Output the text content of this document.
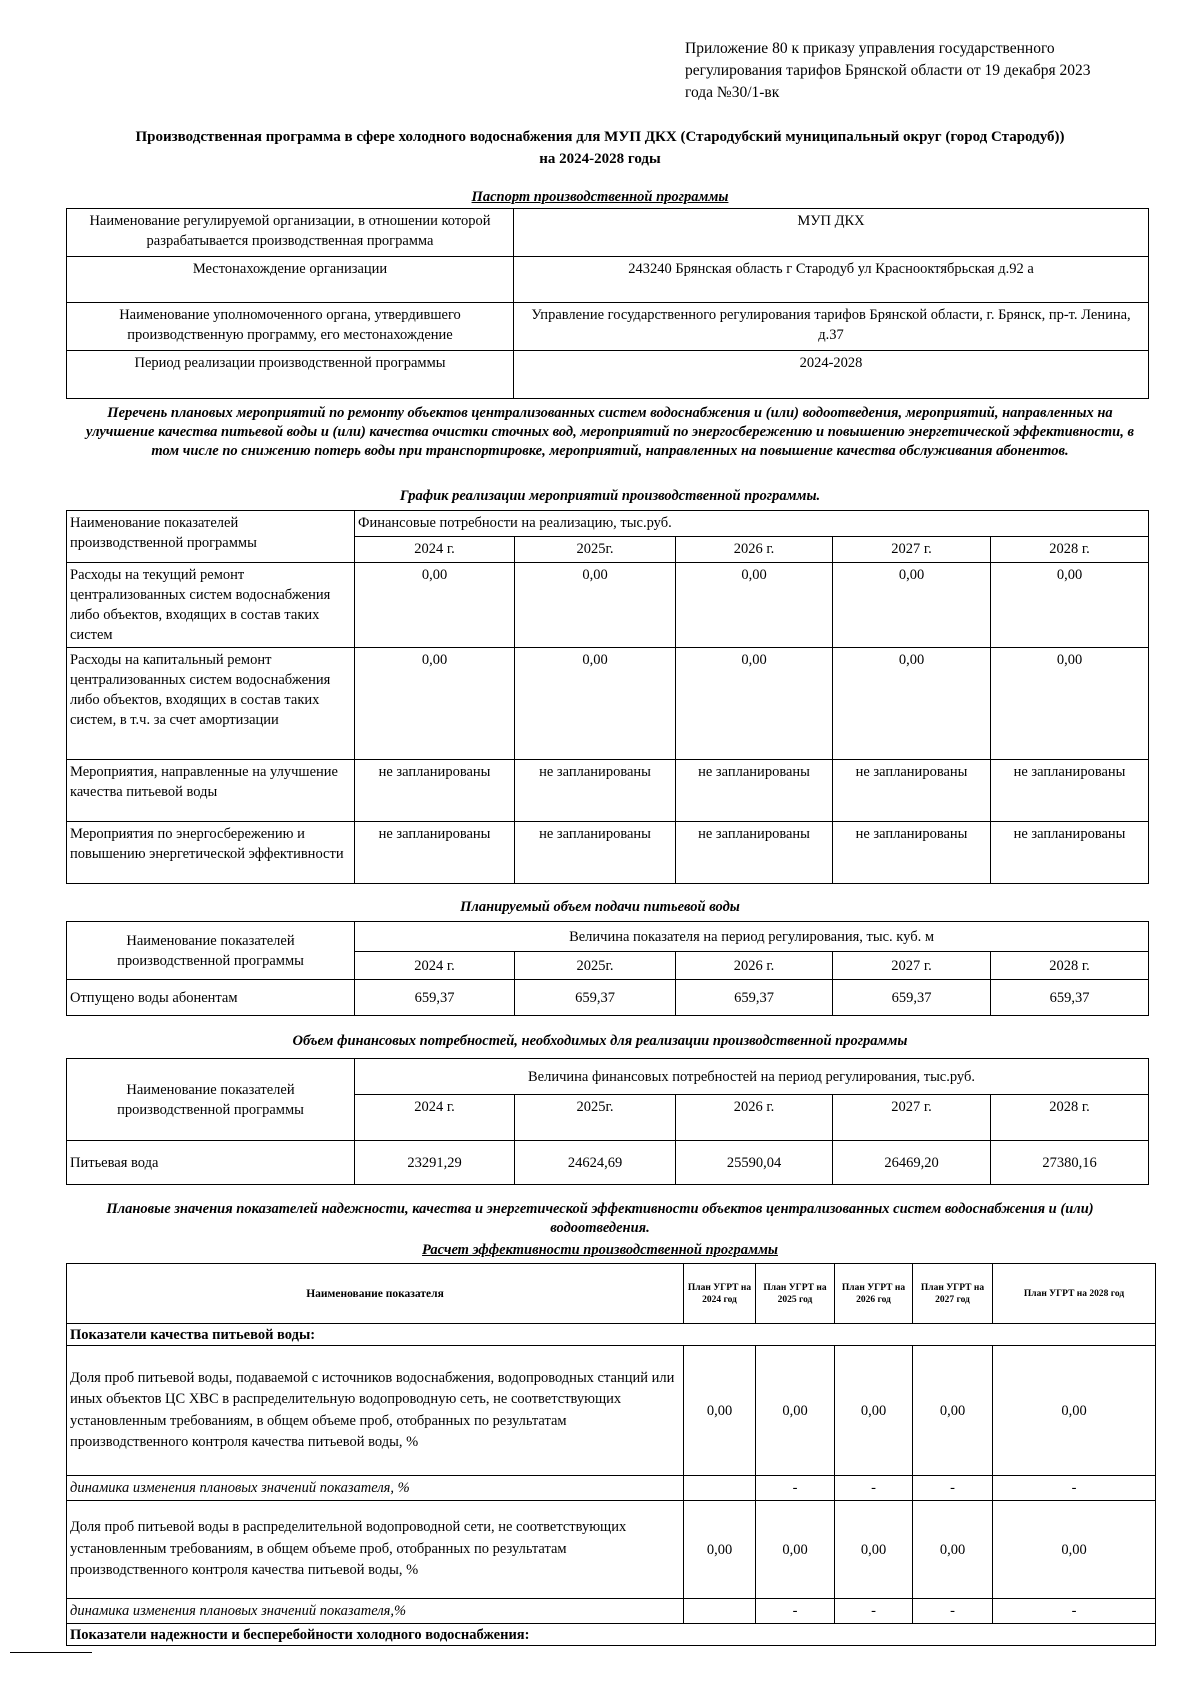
Приложение 80 к приказу управления государственного
регулирования тарифов Брянской области от 19 декабря 2023
года №30/1-вк
Производственная программа в сфере холодного водоснабжения для МУП ДКХ (Стародубский муниципальный округ (город Стародуб))
на 2024-2028 годы
Паспорт производственной программы
Наименование регулируемой организации, в отношении которой разрабатывается производственная программа	МУП ДКХ
Местонахождение организации	243240 Брянская область г Стародуб ул Краснооктябрьская д.92 а
Наименование уполномоченного органа, утвердившего производственную программу, его местонахождение	Управление государственного регулирования тарифов Брянской области, г. Брянск, пр-т. Ленина, д.37
Период реализации производственной программы	2024-2028
Перечень плановых мероприятий по ремонту объектов централизованных систем водоснабжения и (или) водоотведения, мероприятий, направленных на улучшение качества питьевой воды и (или) качества очистки сточных вод, мероприятий по энергосбережению и повышению энергетической эффективности, в том числе по снижению потерь воды при транспортировке, мероприятий, направленных на повышение качества обслуживания абонентов.
График реализации мероприятий производственной программы.
Наименование показателей производственной программы	Финансовые потребности на реализацию, тыс.руб.				
	2024 г.	2025г.	2026 г.	2027 г.	2028 г.
Расходы на текущий ремонт централизованных систем водоснабжения либо объектов, входящих в состав таких систем	0,00	0,00	0,00	0,00	0,00
Расходы на капитальный ремонт централизованных систем водоснабжения либо объектов, входящих в состав таких систем, в т.ч. за счет амортизации	0,00	0,00	0,00	0,00	0,00
Мероприятия, направленные на улучшение качества питьевой воды	не запланированы	не запланированы	не запланированы	не запланированы	не запланированы
Мероприятия по энергосбережению и повышению энергетической эффективности	не запланированы	не запланированы	не запланированы	не запланированы	не запланированы
Планируемый объем подачи питьевой воды
Наименование показателей производственной программы	Величина показателя на период регулирования, тыс. куб. м				
	2024 г.	2025г.	2026 г.	2027 г.	2028 г.
Отпущено воды абонентам	659,37	659,37	659,37	659,37	659,37
Объем финансовых потребностей, необходимых для реализации производственной программы
Наименование показателей производственной программы	Величина финансовых потребностей на период регулирования, тыс.руб.				
	2024 г.	2025г.	2026 г.	2027 г.	2028 г.
Питьевая вода	23291,29	24624,69	25590,04	26469,20	27380,16
Плановые значения показателей надежности, качества и энергетической эффективности объектов централизованных систем водоснабжения и (или) водоотведения.
Расчет эффективности производственной программы
Наименование показателя	План УГРТ на 2024 год	План УГРТ на 2025 год	План УГРТ на 2026 год	План УГРТ на 2027 год	План УГРТ на 2028 год
Показатели качества питьевой воды:					
Доля проб питьевой воды, подаваемой с источников водоснабжения, водопроводных станций или иных объектов ЦС ХВС в распределительную водопроводную сеть, не соответствующих установленным требованиям, в общем объеме проб, отобранных по результатам производственного контроля качества питьевой воды, %	0,00	0,00	0,00	0,00	0,00
динамика изменения плановых значений показателя, %		-	-	-	-
Доля проб питьевой воды в распределительной водопроводной сети, не соответствующих установленным требованиям, в общем объеме проб, отобранных по результатам производственного контроля качества питьевой воды, %	0,00	0,00	0,00	0,00	0,00
динамика изменения плановых значений показателя,%		-	-	-	-
Показатели надежности и бесперебойности холодного водоснабжения:					
